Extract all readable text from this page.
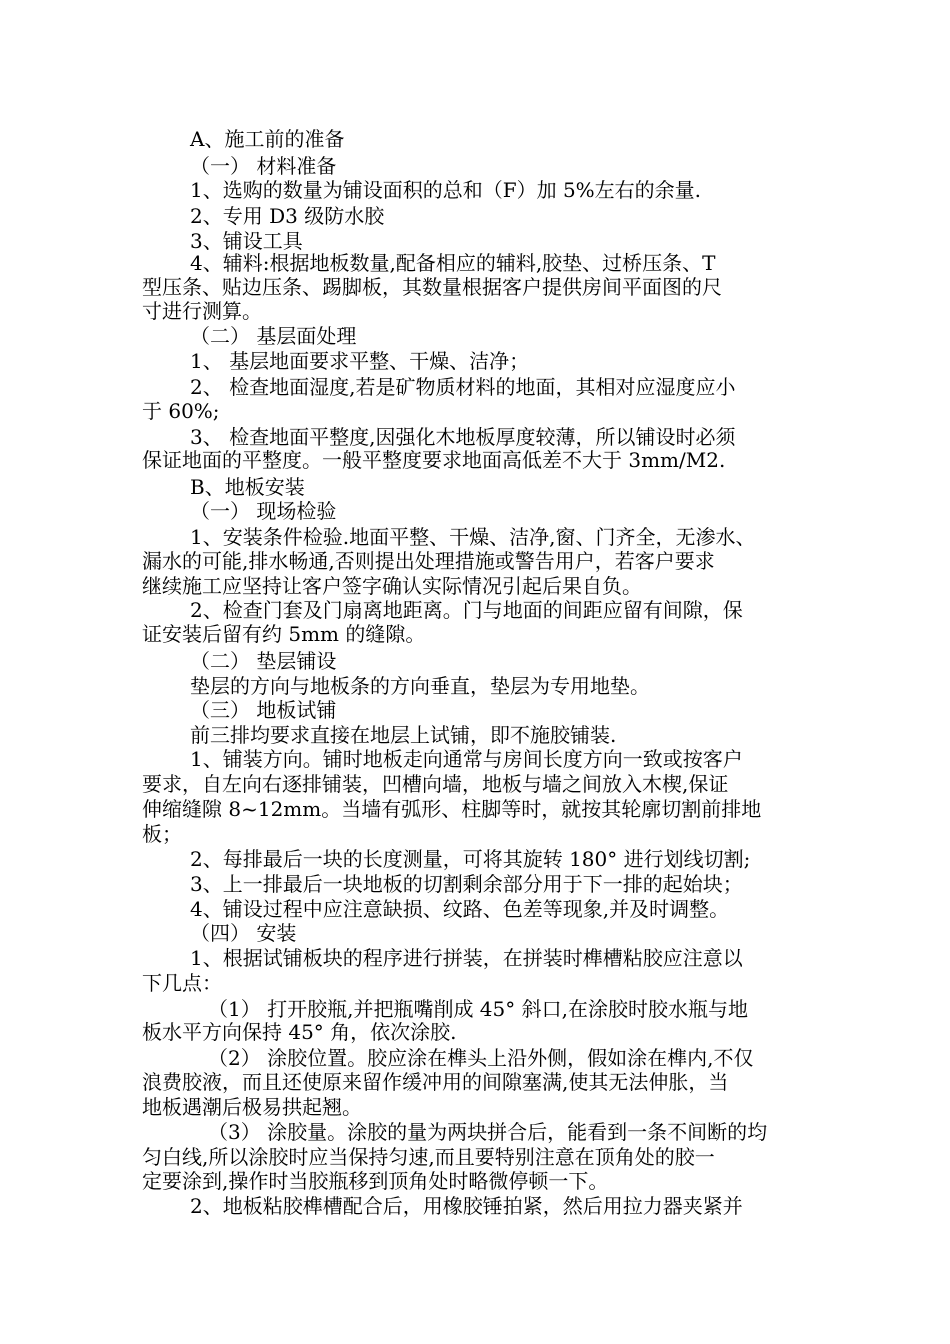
A、施工前的准备
（一） 材料准备
1、选购的数量为铺设面积的总和（F）加 5%左右的余量.
2、专用 D3 级防水胶
3、铺设工具
4、辅料:根据地板数量,配备相应的辅料,胶垫、过桥压条、T
型压条、贴边压条、踢脚板，其数量根据客户提供房间平面图的尺
寸进行测算。
（二） 基层面处理
1、 基层地面要求平整、干燥、洁净；
2、 检查地面湿度,若是矿物质材料的地面，其相对应湿度应小
于 60%;
3、 检查地面平整度,因强化木地板厚度较薄，所以铺设时必须
保证地面的平整度。一般平整度要求地面高低差不大于 3mm/M2.
B、地板安装
（一） 现场检验
1、安装条件检验.地面平整、干燥、洁净,窗、门齐全，无渗水、
漏水的可能,排水畅通,否则提出处理措施或警告用户，若客户要求
继续施工应坚持让客户签字确认实际情况引起后果自负。
2、检查门套及门扇离地距离。门与地面的间距应留有间隙，保
证安装后留有约 5mm 的缝隙。
（二） 垫层铺设
垫层的方向与地板条的方向垂直，垫层为专用地垫。
（三） 地板试铺
前三排均要求直接在地层上试铺，即不施胶铺装.
1、铺装方向。铺时地板走向通常与房间长度方向一致或按客户
要求，自左向右逐排铺装，凹槽向墙，地板与墙之间放入木楔,保证
伸缩缝隙 8~12mm。当墙有弧形、柱脚等时，就按其轮廓切割前排地
板；
2、每排最后一块的长度测量，可将其旋转 180° 进行划线切割;
3、上一排最后一块地板的切割剩余部分用于下一排的起始块；
4、铺设过程中应注意缺损、纹路、色差等现象,并及时调整。
（四） 安装
1、根据试铺板块的程序进行拼装，在拼装时榫槽粘胶应注意以
下几点：
（1） 打开胶瓶,并把瓶嘴削成 45° 斜口,在涂胶时胶水瓶与地
板水平方向保持 45° 角，依次涂胶.
（2） 涂胶位置。胶应涂在榫头上沿外侧，假如涂在榫内,不仅
浪费胶液，而且还使原来留作缓冲用的间隙塞满,使其无法伸胀，当
地板遇潮后极易拱起翘。
（3） 涂胶量。涂胶的量为两块拼合后，能看到一条不间断的均
匀白线,所以涂胶时应当保持匀速,而且要特别注意在顶角处的胶一
定要涂到,操作时当胶瓶移到顶角处时略微停顿一下。
2、地板粘胶榫槽配合后，用橡胶锤拍紧，然后用拉力器夹紧并
